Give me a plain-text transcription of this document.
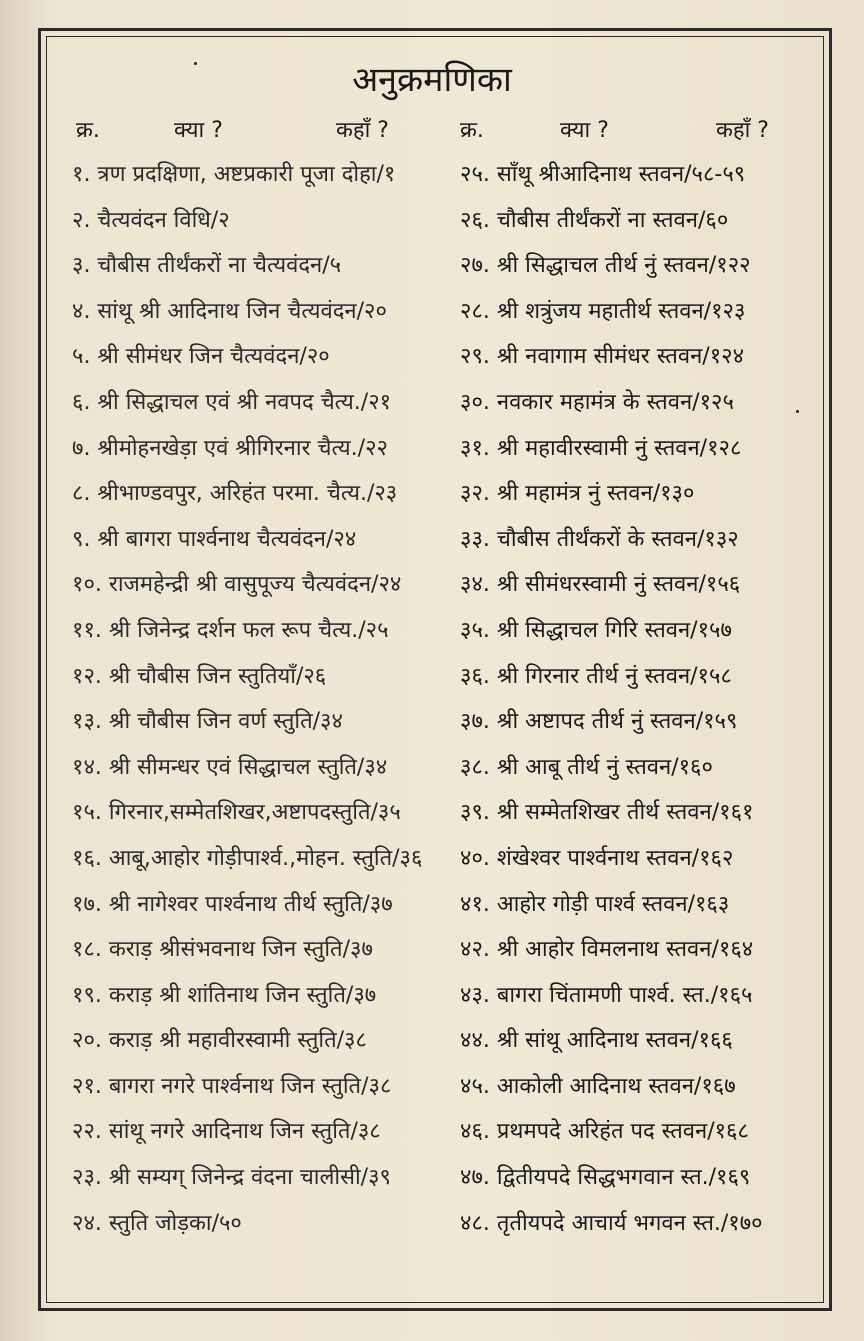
अनुक्रमणिका
क्र.	क्या ?	कहाँ ?	क्र.	क्या ?	कहाँ ?
१. त्रण प्रदक्षिणा, अष्टप्रकारी पूजा दोहा/१
२. चैत्यवंदन विधि/२
३. चौबीस तीर्थंकरों ना चैत्यवंदन/५
४. सांथू श्री आदिनाथ जिन चैत्यवंदन/२०
५. श्री सीमंधर जिन चैत्यवंदन/२०
६. श्री सिद्धाचल एवं श्री नवपद चैत्य./२१
७. श्रीमोहनखेड़ा एवं श्रीगिरनार चैत्य./२२
८. श्रीभाण्डवपुर, अरिहंत परमा. चैत्य./२३
९. श्री बागरा पार्श्वनाथ चैत्यवंदन/२४
१०. राजमहेन्द्री श्री वासुपूज्य चैत्यवंदन/२४
११. श्री जिनेन्द्र दर्शन फल रूप चैत्य./२५
१२. श्री चौबीस जिन स्तुतियाँ/२६
१३. श्री चौबीस जिन वर्ण स्तुति/३४
१४. श्री सीमन्धर एवं सिद्धाचल स्तुति/३४
१५. गिरनार,सम्मेतशिखर,अष्टापदस्तुति/३५
१६. आबू,आहोर गोड़ीपार्श्व.,मोहन. स्तुति/३६
१७. श्री नागेश्वर पार्श्वनाथ तीर्थ स्तुति/३७
१८. कराड़ श्रीसंभवनाथ जिन स्तुति/३७
१९. कराड़ श्री शांतिनाथ जिन स्तुति/३७
२०. कराड़ श्री महावीरस्वामी स्तुति/३८
२१. बागरा नगरे पार्श्वनाथ जिन स्तुति/३८
२२. सांथू नगरे आदिनाथ जिन स्तुति/३८
२३. श्री सम्यग् जिनेन्द्र वंदना चालीसी/३९
२४. स्तुति जोड़का/५०
२५. साँथू श्रीआदिनाथ स्तवन/५८-५९
२६. चौबीस तीर्थंकरों ना स्तवन/६०
२७. श्री सिद्धाचल तीर्थ नुं स्तवन/१२२
२८. श्री शत्रुंजय महातीर्थ स्तवन/१२३
२९. श्री नवागाम सीमंधर स्तवन/१२४
३०. नवकार महामंत्र के स्तवन/१२५
३१. श्री महावीरस्वामी नुं स्तवन/१२८
३२. श्री महामंत्र नुं स्तवन/१३०
३३. चौबीस तीर्थंकरों के स्तवन/१३२
३४. श्री सीमंधरस्वामी नुं स्तवन/१५६
३५. श्री सिद्धाचल गिरि स्तवन/१५७
३६. श्री गिरनार तीर्थ नुं स्तवन/१५८
३७. श्री अष्टापद तीर्थ नुं स्तवन/१५९
३८. श्री आबू तीर्थ नुं स्तवन/१६०
३९. श्री सम्मेतशिखर तीर्थ स्तवन/१६१
४०. शंखेश्वर पार्श्वनाथ स्तवन/१६२
४१. आहोर गोड़ी पार्श्व स्तवन/१६३
४२. श्री आहोर विमलनाथ स्तवन/१६४
४३. बागरा चिंतामणी पार्श्व. स्त./१६५
४४. श्री सांथू आदिनाथ स्तवन/१६६
४५. आकोली आदिनाथ स्तवन/१६७
४६. प्रथमपदे अरिहंत पद स्तवन/१६८
४७. द्वितीयपदे सिद्धभगवान स्त./१६९
४८. तृतीयपदे आचार्य भगवन स्त./१७०
